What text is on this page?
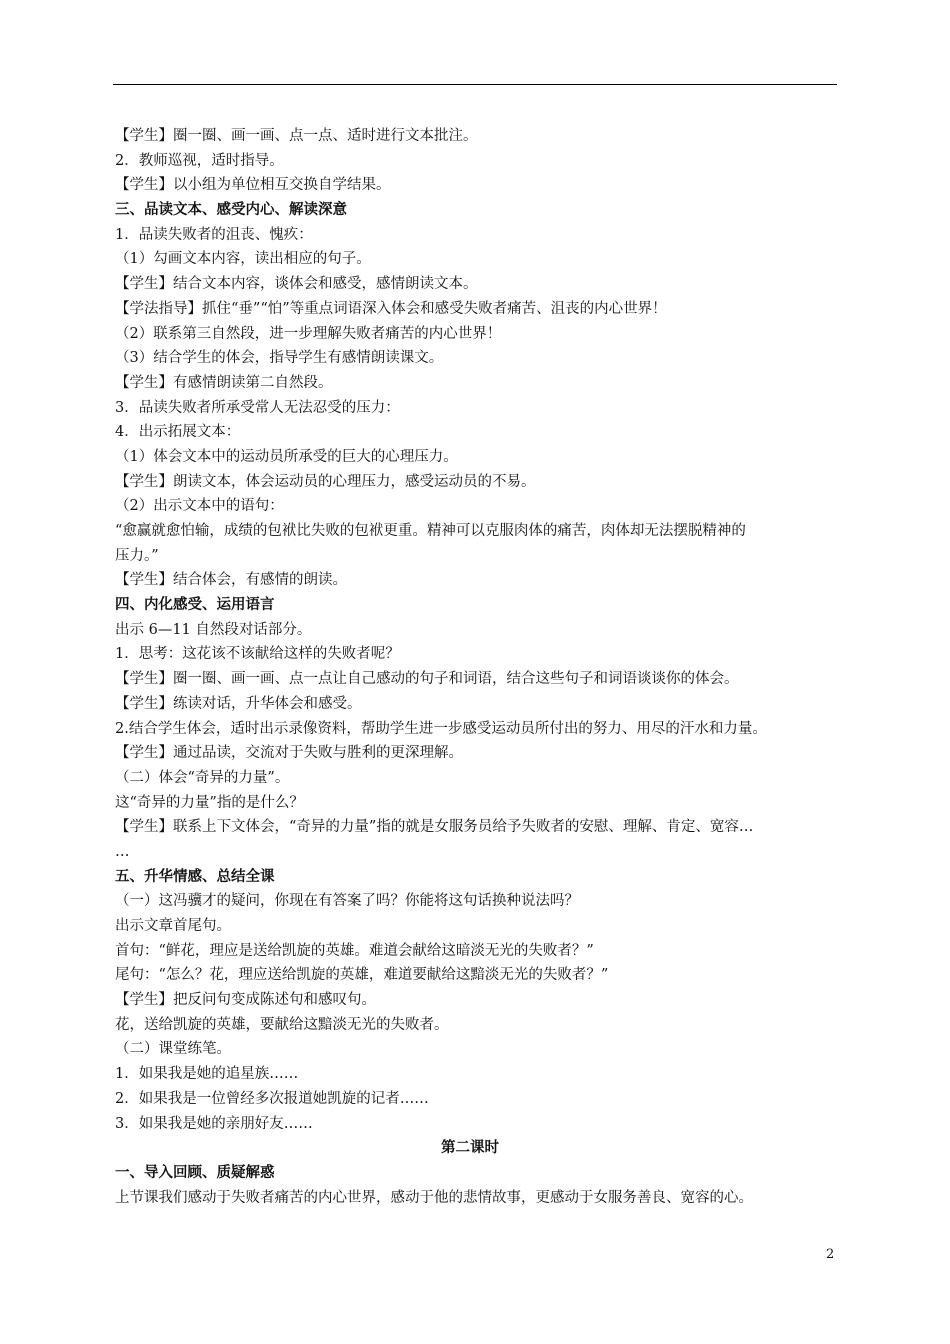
【学生】圈一圈、画一画、点一点、适时进行文本批注。
2．教师巡视，适时指导。
【学生】以小组为单位相互交换自学结果。
三、品读文本、感受内心、解读深意
1．品读失败者的沮丧、愧疚：
（1）勾画文本内容，读出相应的句子。
【学生】结合文本内容，谈体会和感受，感情朗读文本。
【学法指导】抓住“垂”“怕”等重点词语深入体会和感受失败者痛苦、沮丧的内心世界！
（2）联系第三自然段，进一步理解失败者痛苦的内心世界！
（3）结合学生的体会，指导学生有感情朗读课文。
【学生】有感情朗读第二自然段。
3．品读失败者所承受常人无法忍受的压力：
4．出示拓展文本：
（1）体会文本中的运动员所承受的巨大的心理压力。
【学生】朗读文本，体会运动员的心理压力，感受运动员的不易。
（2）出示文本中的语句：
“愈赢就愈怕输，成绩的包袱比失败的包袱更重。精神可以克服肉体的痛苦，肉体却无法摆脱精神的
压力。”
【学生】结合体会，有感情的朗读。
四、内化感受、运用语言
出示 6—11 自然段对话部分。
1．思考：这花该不该献给这样的失败者呢？
【学生】圈一圈、画一画、点一点让自己感动的句子和词语，结合这些句子和词语谈谈你的体会。
【学生】练读对话，升华体会和感受。
2.结合学生体会，适时出示录像资料，帮助学生进一步感受运动员所付出的努力、用尽的汗水和力量。
【学生】通过品读，交流对于失败与胜利的更深理解。
（二）体会“奇异的力量”。
这“奇异的力量”指的是什么？
【学生】联系上下文体会，“奇异的力量”指的就是女服务员给予失败者的安慰、理解、肯定、宽容…
…
五、升华情感、总结全课
（一）这冯骥才的疑问，你现在有答案了吗？你能将这句话换种说法吗？
出示文章首尾句。
首句：“鲜花，理应是送给凯旋的英雄。难道会献给这暗淡无光的失败者？”
尾句：“怎么？花，理应送给凯旋的英雄，难道要献给这黯淡无光的失败者？”
【学生】把反问句变成陈述句和感叹句。
花，送给凯旋的英雄，要献给这黯淡无光的失败者。
（二）课堂练笔。
1．如果我是她的追星族……
2．如果我是一位曾经多次报道她凯旋的记者……
3．如果我是她的亲朋好友……
第二课时
一、导入回顾、质疑解惑
上节课我们感动于失败者痛苦的内心世界，感动于他的悲情故事，更感动于女服务善良、宽容的心。
2
